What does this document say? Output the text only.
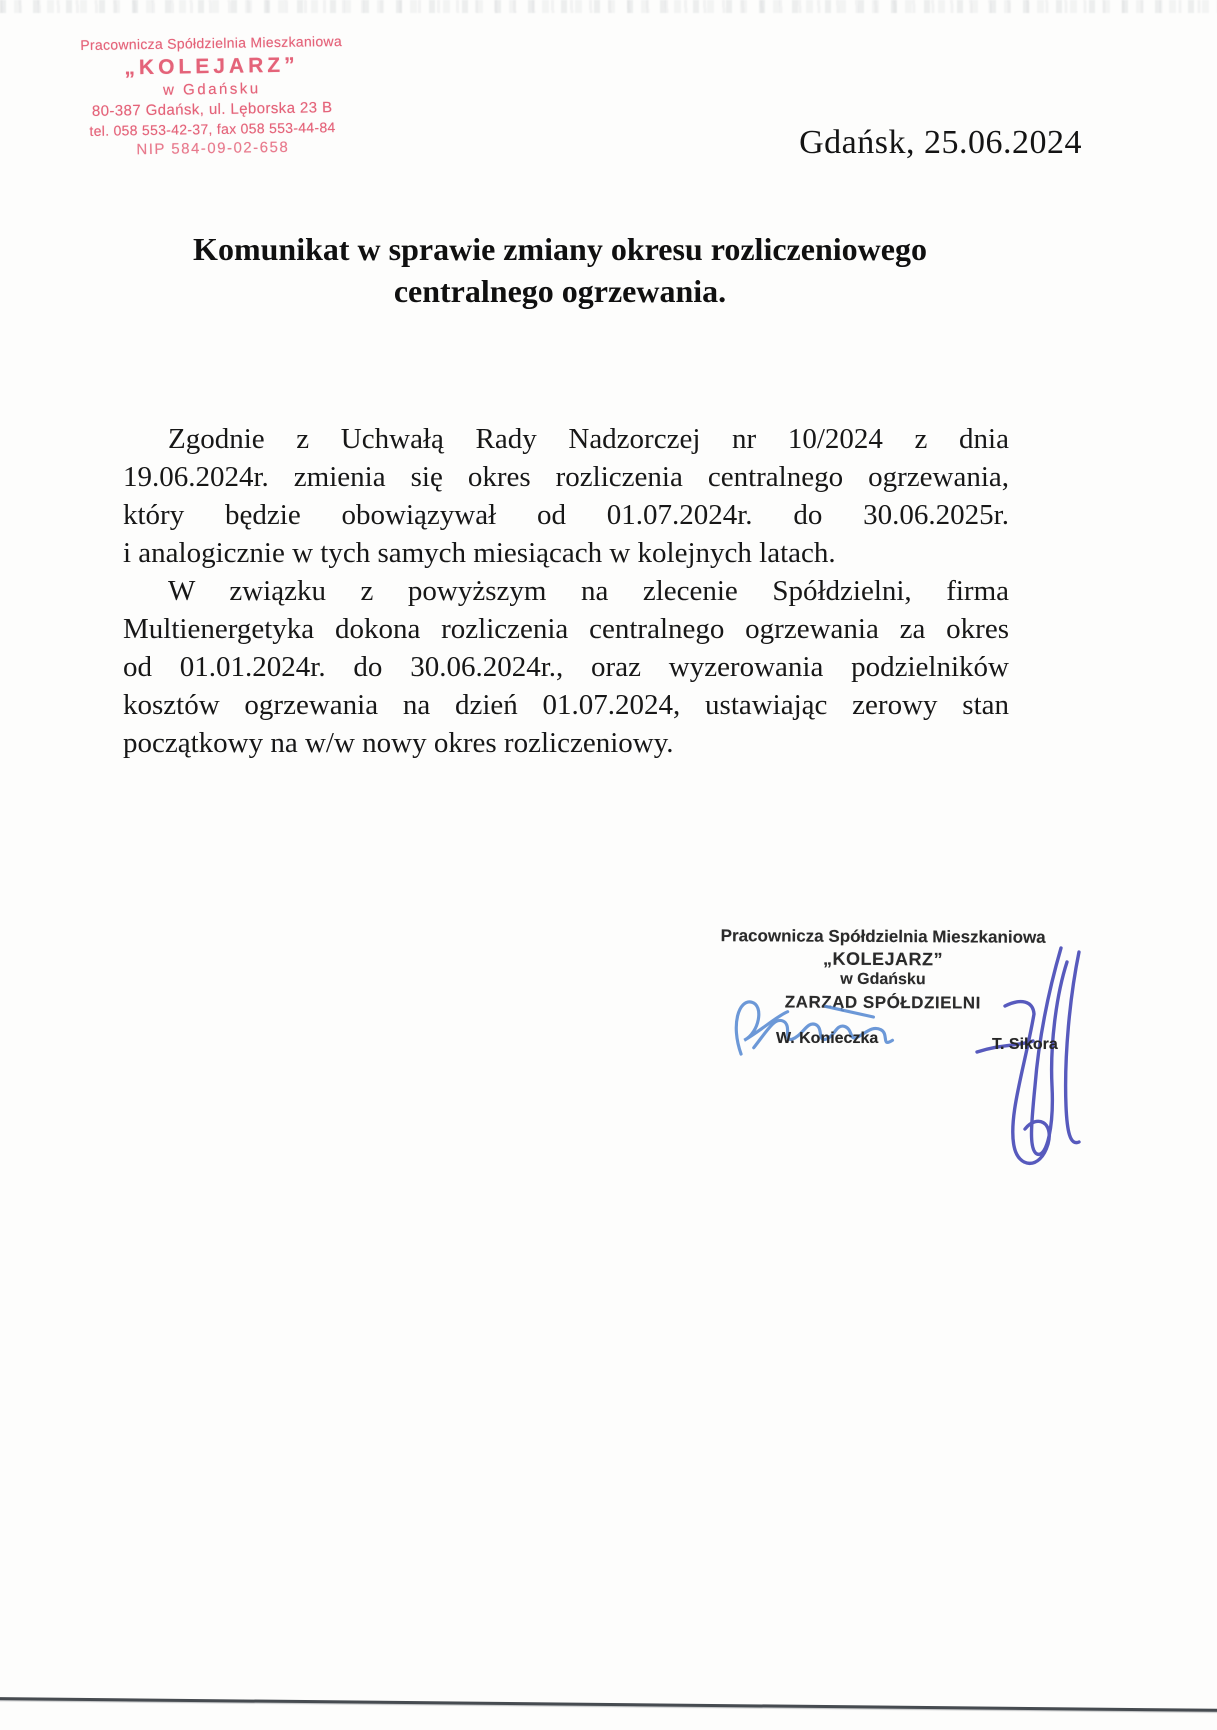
Pracownicza Spółdzielnia Mieszkaniowa
„KOLEJARZ”
w Gdańsku
80-387 Gdańsk, ul. Lęborska 23 B
tel. 058 553-42-37, fax 058 553-44-84
NIP 584-09-02-658	Gdańsk, 25.06.2024
Komunikat w sprawie zmiany okresu rozliczeniowego
centralnego ogrzewania.
Zgodnie z Uchwałą Rady Nadzorczej nr 10/2024 z dnia
19.06.2024r. zmienia się okres rozliczenia centralnego ogrzewania,
który będzie obowiązywał od 01.07.2024r. do 30.06.2025r.
i analogicznie w tych samych miesiącach w kolejnych latach.
W związku z powyższym na zlecenie Spółdzielni, firma
Multienergetyka dokona rozliczenia centralnego ogrzewania za okres
od 01.01.2024r. do 30.06.2024r., oraz wyzerowania podzielników
kosztów ogrzewania na dzień 01.07.2024, ustawiając zerowy stan
początkowy na w/w nowy okres rozliczeniowy.
Pracownicza Spółdzielnia Mieszkaniowa
„KOLEJARZ”
w Gdańsku
ZARZĄD SPÓŁDZIELNI
W. Konieczka	T. Sikora
